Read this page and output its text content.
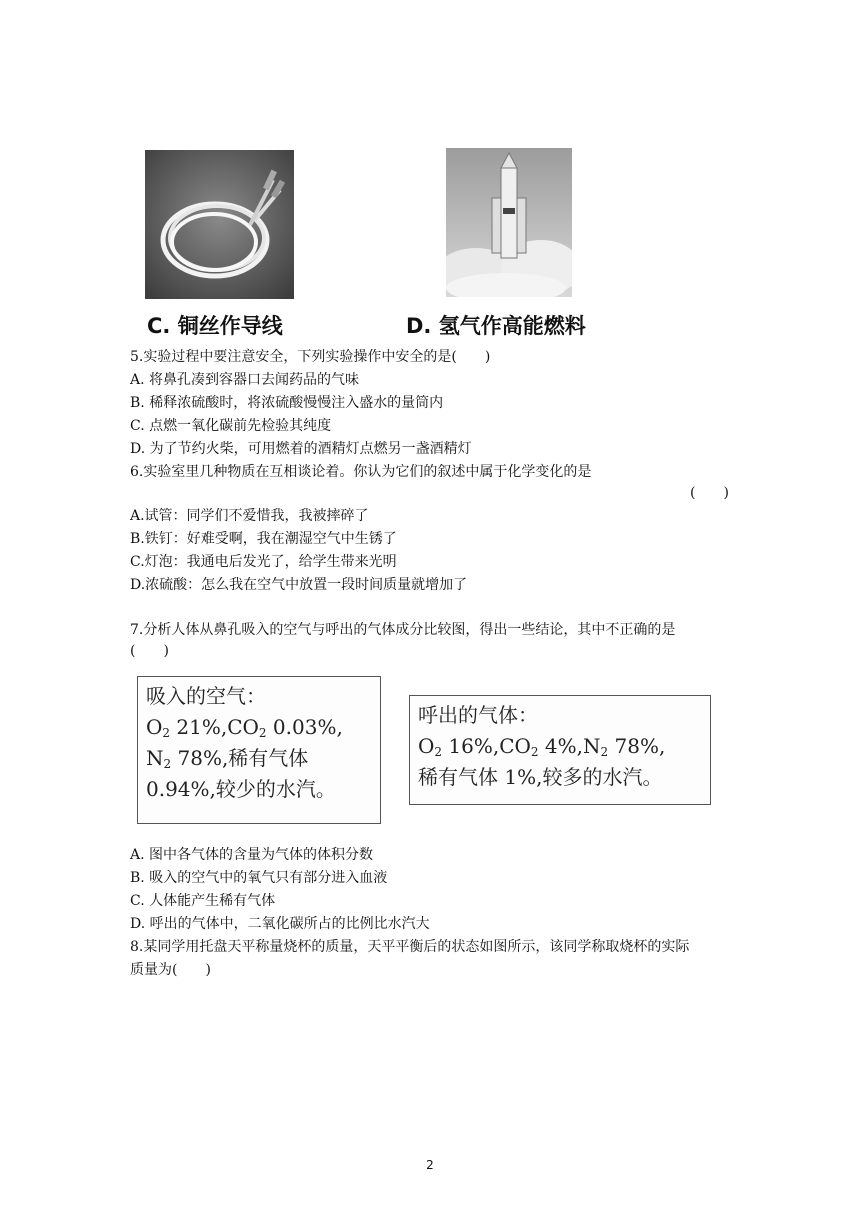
C. 铜丝作导线	D. 氢气作高能燃料
5.实验过程中要注意安全，下列实验操作中安全的是(　　)
A. 将鼻孔凑到容器口去闻药品的气味
B. 稀释浓硫酸时，将浓硫酸慢慢注入盛水的量筒内
C. 点燃一氧化碳前先检验其纯度
D. 为了节约火柴，可用燃着的酒精灯点燃另一盏酒精灯
6.实验室里几种物质在互相谈论着。你认为它们的叙述中属于化学变化的是
(　　)
A.试管：同学们不爱惜我，我被摔碎了
B.铁钉：好难受啊，我在潮湿空气中生锈了
C.灯泡：我通电后发光了，给学生带来光明
D.浓硫酸：怎么我在空气中放置一段时间质量就增加了
7.分析人体从鼻孔吸入的空气与呼出的气体成分比较图，得出一些结论，其中不正确的是
(　　)
吸入的空气：
$O_2$ $21\%,CO_2$ 0.03%,
$N_2$ 78%,稀有气体
0.94%,较少的水汽。
呼出的气体：
$O_2$ $16\%,CO_2$ $4\%,N_2$ 78%,
稀有气体 1%,较多的水汽。
A. 图中各气体的含量为气体的体积分数
B. 吸入的空气中的氧气只有部分进入血液
C. 人体能产生稀有气体
D. 呼出的气体中，二氧化碳所占的比例比水汽大
8.某同学用托盘天平称量烧杯的质量，天平平衡后的状态如图所示，该同学称取烧杯的实际
质量为(　　)
2
